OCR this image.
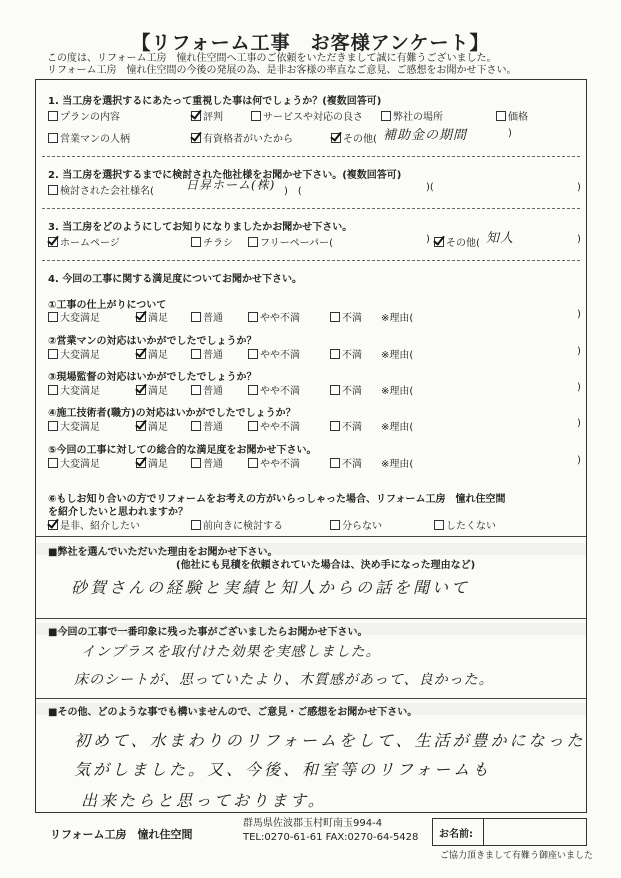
【リフォーム工事　お客様アンケート】
この度は、リフォーム工房　憧れ住空間へ工事のご依頼をいただきまして誠に有難うございました。
リフォーム工房　憧れ住空間の今後の発展の為、是非お客様の率直なご意見、ご感想をお聞かせ下さい。
1. 当工房を選択するにあたって重視した事は何でしょうか？(複数回答可)
プランの内容	評判	サービスや対応の良さ	弊社の場所	価格
営業マンの人柄	有資格者がいたから	その他( 補助金の期間	)
2. 当工房を選択するまでに検討された他社様をお聞かせ下さい。(複数回答可)
検討された会社様名(	日昇ホーム(株) )　(	)(	)
3. 当工房をどのようにしてお知りになりましたかお聞かせ下さい。
ホームページ	チラシ	フリーペーパー(	)	その他( 知人	)
4. 今回の工事に関する満足度についてお聞かせ下さい。
①工事の仕上がりについて
大変満足	満足	普通	やや不満	不満 ※理由(	)
②営業マンの対応はいかがでしたでしょうか？
大変満足	満足	普通	やや不満	不満 ※理由(	)
③現場監督の対応はいかがでしたでしょうか？
大変満足	満足	普通	やや不満	不満 ※理由(	)
④施工技術者(職方)の対応はいかがでしたでしょうか？
大変満足	満足	普通	やや不満	不満 ※理由(	)
⑤今回の工事に対しての総合的な満足度をお聞かせ下さい。
大変満足	満足	普通	やや不満	不満 ※理由(	)
⑥もしお知り合いの方でリフォームをお考えの方がいらっしゃった場合、リフォーム工房　憧れ住空間
を紹介したいと思われますか？
是非、紹介したい	前向きに検討する	分らない	したくない
■弊社を選んでいただいた理由をお聞かせ下さい。
(他社にも見積を依頼されていた場合は、決め手になった理由など)
砂賀さんの経験と実績と知人からの話を聞いて
■今回の工事で一番印象に残った事がございましたらお聞かせ下さい。
インプラスを取付けた効果を実感しました。
床のシートが、思っていたより、木質感があって、良かった。
■その他、どのような事でも構いませんので、ご意見・ご感想をお聞かせ下さい。
初めて、水まわりのリフォームをして、生活が豊かになった
気がしました。又、今後、和室等のリフォームも
出来たらと思っております。
リフォーム工房　憧れ住空間
群馬県佐波郡玉村町南玉994-4
TEL:0270-61-61 FAX:0270-64-5428	お名前:
ご協力頂きまして有難う御座いました
